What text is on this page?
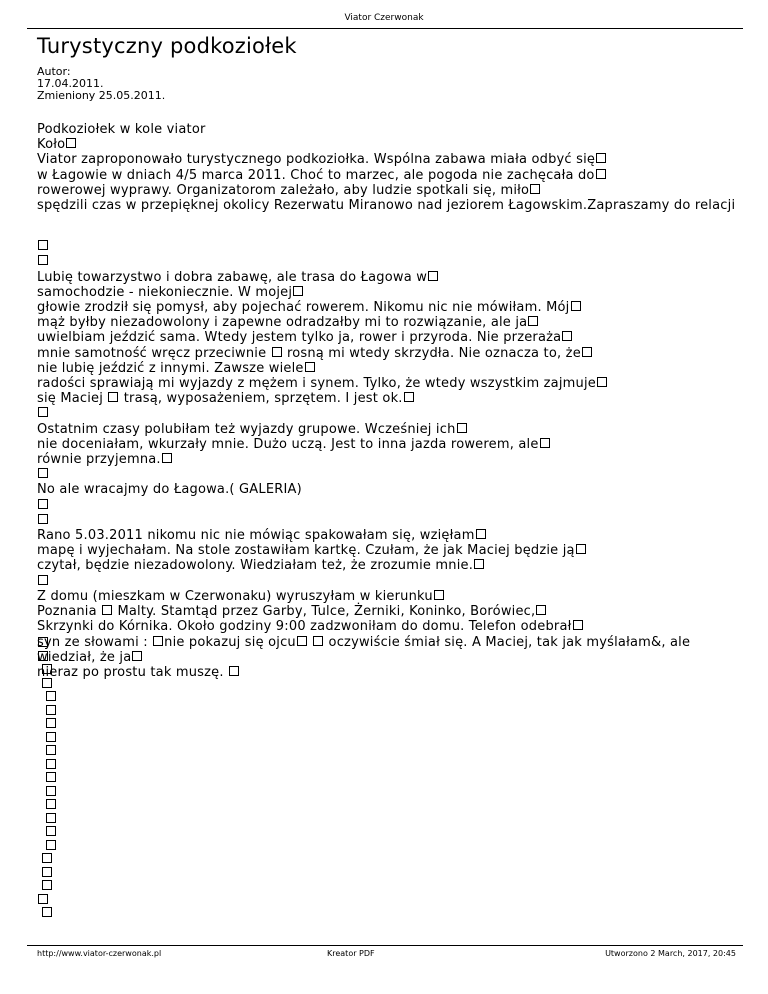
Viator Czerwonak
Turystyczny podkoziołek
Autor:
17.04.2011.
Zmieniony 25.05.2011.
Podkoziołek w kole viator
Koło
Viator zaproponowało turystycznego podkoziołka. Wspólna zabawa miała odbyć się
w Łagowie w dniach 4/5 marca 2011. Choć to marzec, ale pogoda nie zachęcała do
rowerowej wyprawy. Organizatorom zależało, aby ludzie spotkali się, miło
spędzili czas w przepięknej okolicy Rezerwatu Miranowo nad jeziorem Łagowskim.Zapraszamy do relacji
Lubię towarzystwo i dobra zabawę, ale trasa do Łagowa w
samochodzie - niekoniecznie. W mojej
głowie zrodził się pomysł, aby pojechać rowerem. Nikomu nic nie mówiłam. Mój
mąż byłby niezadowolony i zapewne odradzałby mi to rozwiązanie, ale ja
uwielbiam jeździć sama. Wtedy jestem tylko ja, rower i przyroda. Nie przeraża
mnie samotność wręcz przeciwnie  rosną mi wtedy skrzydła. Nie oznacza to, że
nie lubię jeździć z innymi. Zawsze wiele
radości sprawiają mi wyjazdy z mężem i synem. Tylko, że wtedy wszystkim zajmuje
się Maciej  trasą, wyposażeniem, sprzętem. I jest ok.
Ostatnim czasy polubiłam też wyjazdy grupowe. Wcześniej ich
nie doceniałam, wkurzały mnie. Dużo uczą. Jest to inna jazda rowerem, ale
równie przyjemna.
No ale wracajmy do Łagowa.( GALERIA)
Rano 5.03.2011 nikomu nic nie mówiąc spakowałam się, wzięłam
mapę i wyjechałam. Na stole zostawiłam kartkę. Czułam, że jak Maciej będzie ją
czytał, będzie niezadowolony. Wiedziałam też, że zrozumie mnie.
Z domu (mieszkam w Czerwonaku) wyruszyłam w kierunku
Poznania  Malty. Stamtąd przez Garby, Tulce, Żerniki, Koninko, Borówiec,
Skrzynki do Kórnika. Około godziny 9:00 zadzwoniłam do domu. Telefon odebrał
syn ze słowami : nie pokazuj się ojcu  oczywiście śmiał się. A Maciej, tak jak myślałam&, ale
wiedział, że ja
nieraz po prostu tak muszę.
http://www.viator-czerwonak.pl	Kreator PDF	Utworzono 2 March, 2017, 20:45
